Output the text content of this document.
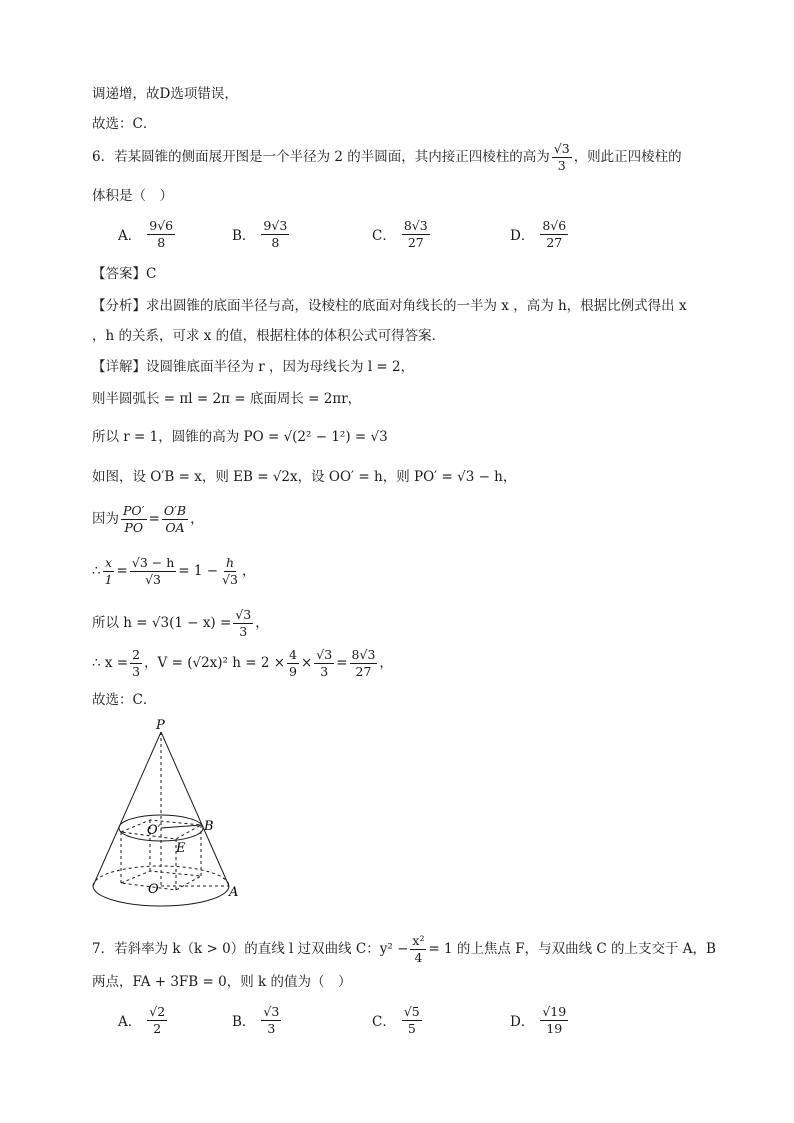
调递增，故D选项错误，
故选：C．
6．若某圆锥的侧面展开图是一个半径为 2 的半圆面，其内接正四棱柱的高为 $\frac{√3}{3}$ ，则此正四棱柱的
体积是（　）
A． $\frac{9√6}{8}$	B． $\frac{9√3}{8}$	C． $\frac{8√3}{27}$	D． $\frac{8√6}{27}$
【答案】C
【分析】求出圆锥的底面半径与高，设棱柱的底面对角线长的一半为 x ，高为 h，根据比例式得出 x
，h 的关系，可求 x 的值，根据柱体的体积公式可得答案．
【详解】设圆锥底面半径为 r ，因为母线长为 l = 2，
则半圆弧长 = πl = 2π = 底面周长 = 2πr，
所以 r = 1，圆锥的高为 PO = √(2² − 1²) = √3
如图，设 O′B = x，则 EB = √2x，设 OO′ = h，则 PO′ = √3 − h，
因为 $\frac{PO'}{PO} = \frac{O'B}{OA}$ ，
∴ $\frac{x}{1} = \frac{√3 - h}{√3} = 1 - \frac{h}{√3}$ ，
所以 $h = √3(1 - x) = \frac{√3}{3}$ ，
∴ $x = \frac{2}{3}$ ，V = (√2x)² $h = 2 \times \frac{4}{9} \times \frac{√3}{3} = \frac{8√3}{27}$ ，
故选：C．
P
O′	B
E
O	A
7．若斜率为 k（k > 0）的直线 l 过双曲线 C：$y^2 - \frac{\text{x²}}{4} = 1$ 的上焦点 F，与双曲线 C 的上支交于 A，B
两点，FA + 3FB = 0，则 k 的值为（　）
A． $\frac{√2}{2}$	B． $\frac{√3}{3}$	C． $\frac{√5}{5}$	D． $\frac{√19}{19}$
